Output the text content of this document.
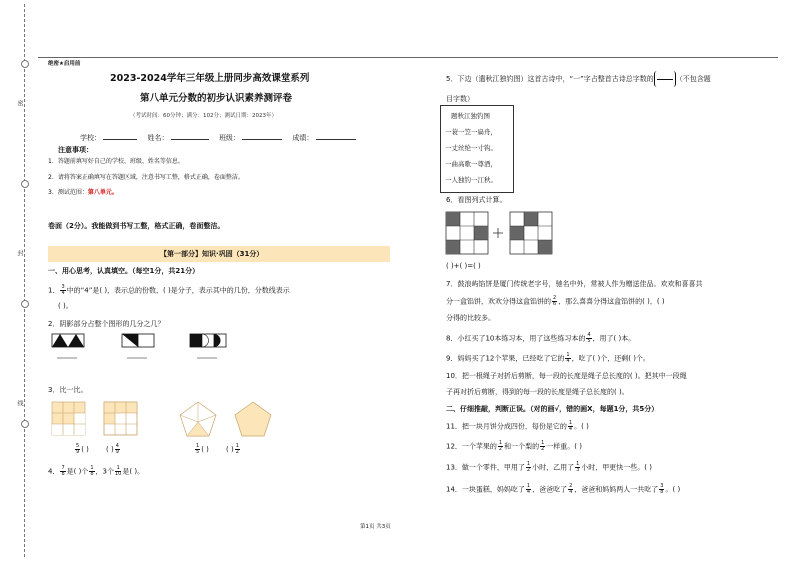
密
封
线
绝密★启用前
2023-2024学年三年级上册同步高效课堂系列
第八单元分数的初步认识素养测评卷
（考试时间：60分钟；满分：102分；测试日期：2023年）
学校：	姓名：	班级：	成绩：
注意事项：
1．答题前填写好自己的学校、班级、姓名等信息。
2．请将答案正确填写在答题区域，注意书写工整，格式正确，卷面整洁。
3．测试范围：第八单元。
卷面（2分）。我能做到书写工整，格式正确，卷面整洁。
【第一部分】知识·巩固（31分）
一、用心思考，认真填空。（每空1分，共21分）
1． $\frac{3}{4}$ 中的“4”是( )，表示总的份数，( )是分子，表示其中的几份，分数线表示
( )。
2．阴影部分占整个图形的几分之几？
3．比一比。
$\frac{5}{9}$ ( ) ( ) $\frac{4}{9}$	$\frac{1}{5}$ ( ) ( ) $\frac{1}{2}$
4． $\frac{7}{8}$ 是( )个 $\frac{1}{8}$ ，3个 $\frac{1}{10}$ 是( )。
5．下边（遣秋江独钓图）这首古诗中，“一”字占整首古诗总字数的	（不包含题
目字数）
题秋江独钓图
一蓑一笠一扁舟，
一丈丝纶一寸钩。
一曲高歌一尊酒，
一人独钓一江秋。
6．看图列式计算。
( )+( )=( )
7．鼓浪屿馅饼是厦门传统老字号，驰名中外，常被人作为赠送佳品。欢欢和喜喜共
分一盒馅饼，欢欢分得这盒馅饼的 $\frac{2}{6}$ ，那么喜喜分得这盒馅饼的( )，( )
分得的比较多。
8．小红买了10本练习本，用了这些练习本的 $\frac{4}{5}$ ，用了( )本。
9．妈妈买了12个苹果，已经吃了它的 $\frac{1}{4}$ ，吃了( )个，还剩( )个。
10．把一根绳子对折后剪断，每一段的长度是绳子总长度的( )。把其中一段绳
子再对折后剪断，得到的每一段的长度是绳子总长度的( )。
二、仔细推敲，判断正误。（对的画√，错的画X，每题1分，共5分）
11．把一块月饼分成四份，每份是它的 $\frac{1}{4}$ 。( )
12．一个苹果的 $\frac{1}{2}$ 和一个梨的 $\frac{1}{2}$ 一样重。( )
13．做一个零件，甲用了 $\frac{1}{2}$ 小时，乙用了 $\frac{1}{3}$ 小时，甲更快一些。( )
14．一块蛋糕，妈妈吃了 $\frac{1}{4}$ ，爸爸吃了 $\frac{2}{4}$ ，爸爸和妈妈两人一共吃了 $\frac{3}{8}$ 。( )
第1页 共3页
